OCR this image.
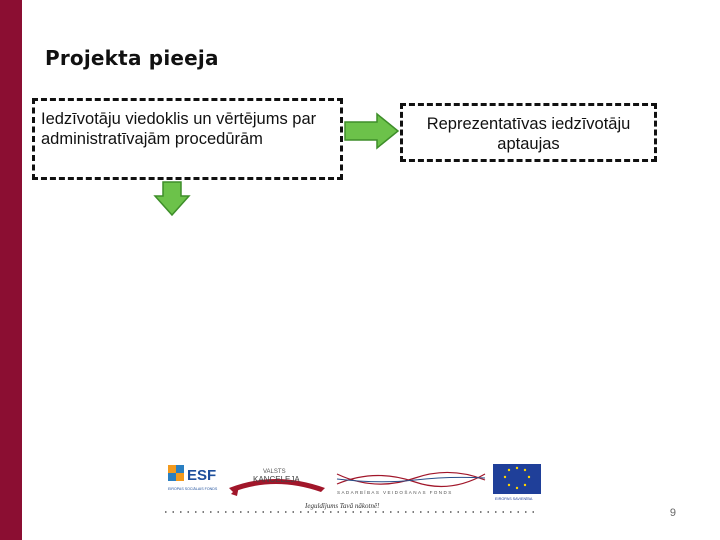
Projekta pieeja
Iedzīvotāju viedoklis un vērtējums par administratīvajām procedūrām
Reprezentatīvas iedzīvotāju aptaujas
ESF
EIROPAS SOCIĀLAIS FONDS
VALSTS
KANCELEJA
SADARBĪBAS VEIDOŠANAS FONDS
EIROPAS SAVIENĪBA
Ieguldījums Tavā nākotnē!
9
